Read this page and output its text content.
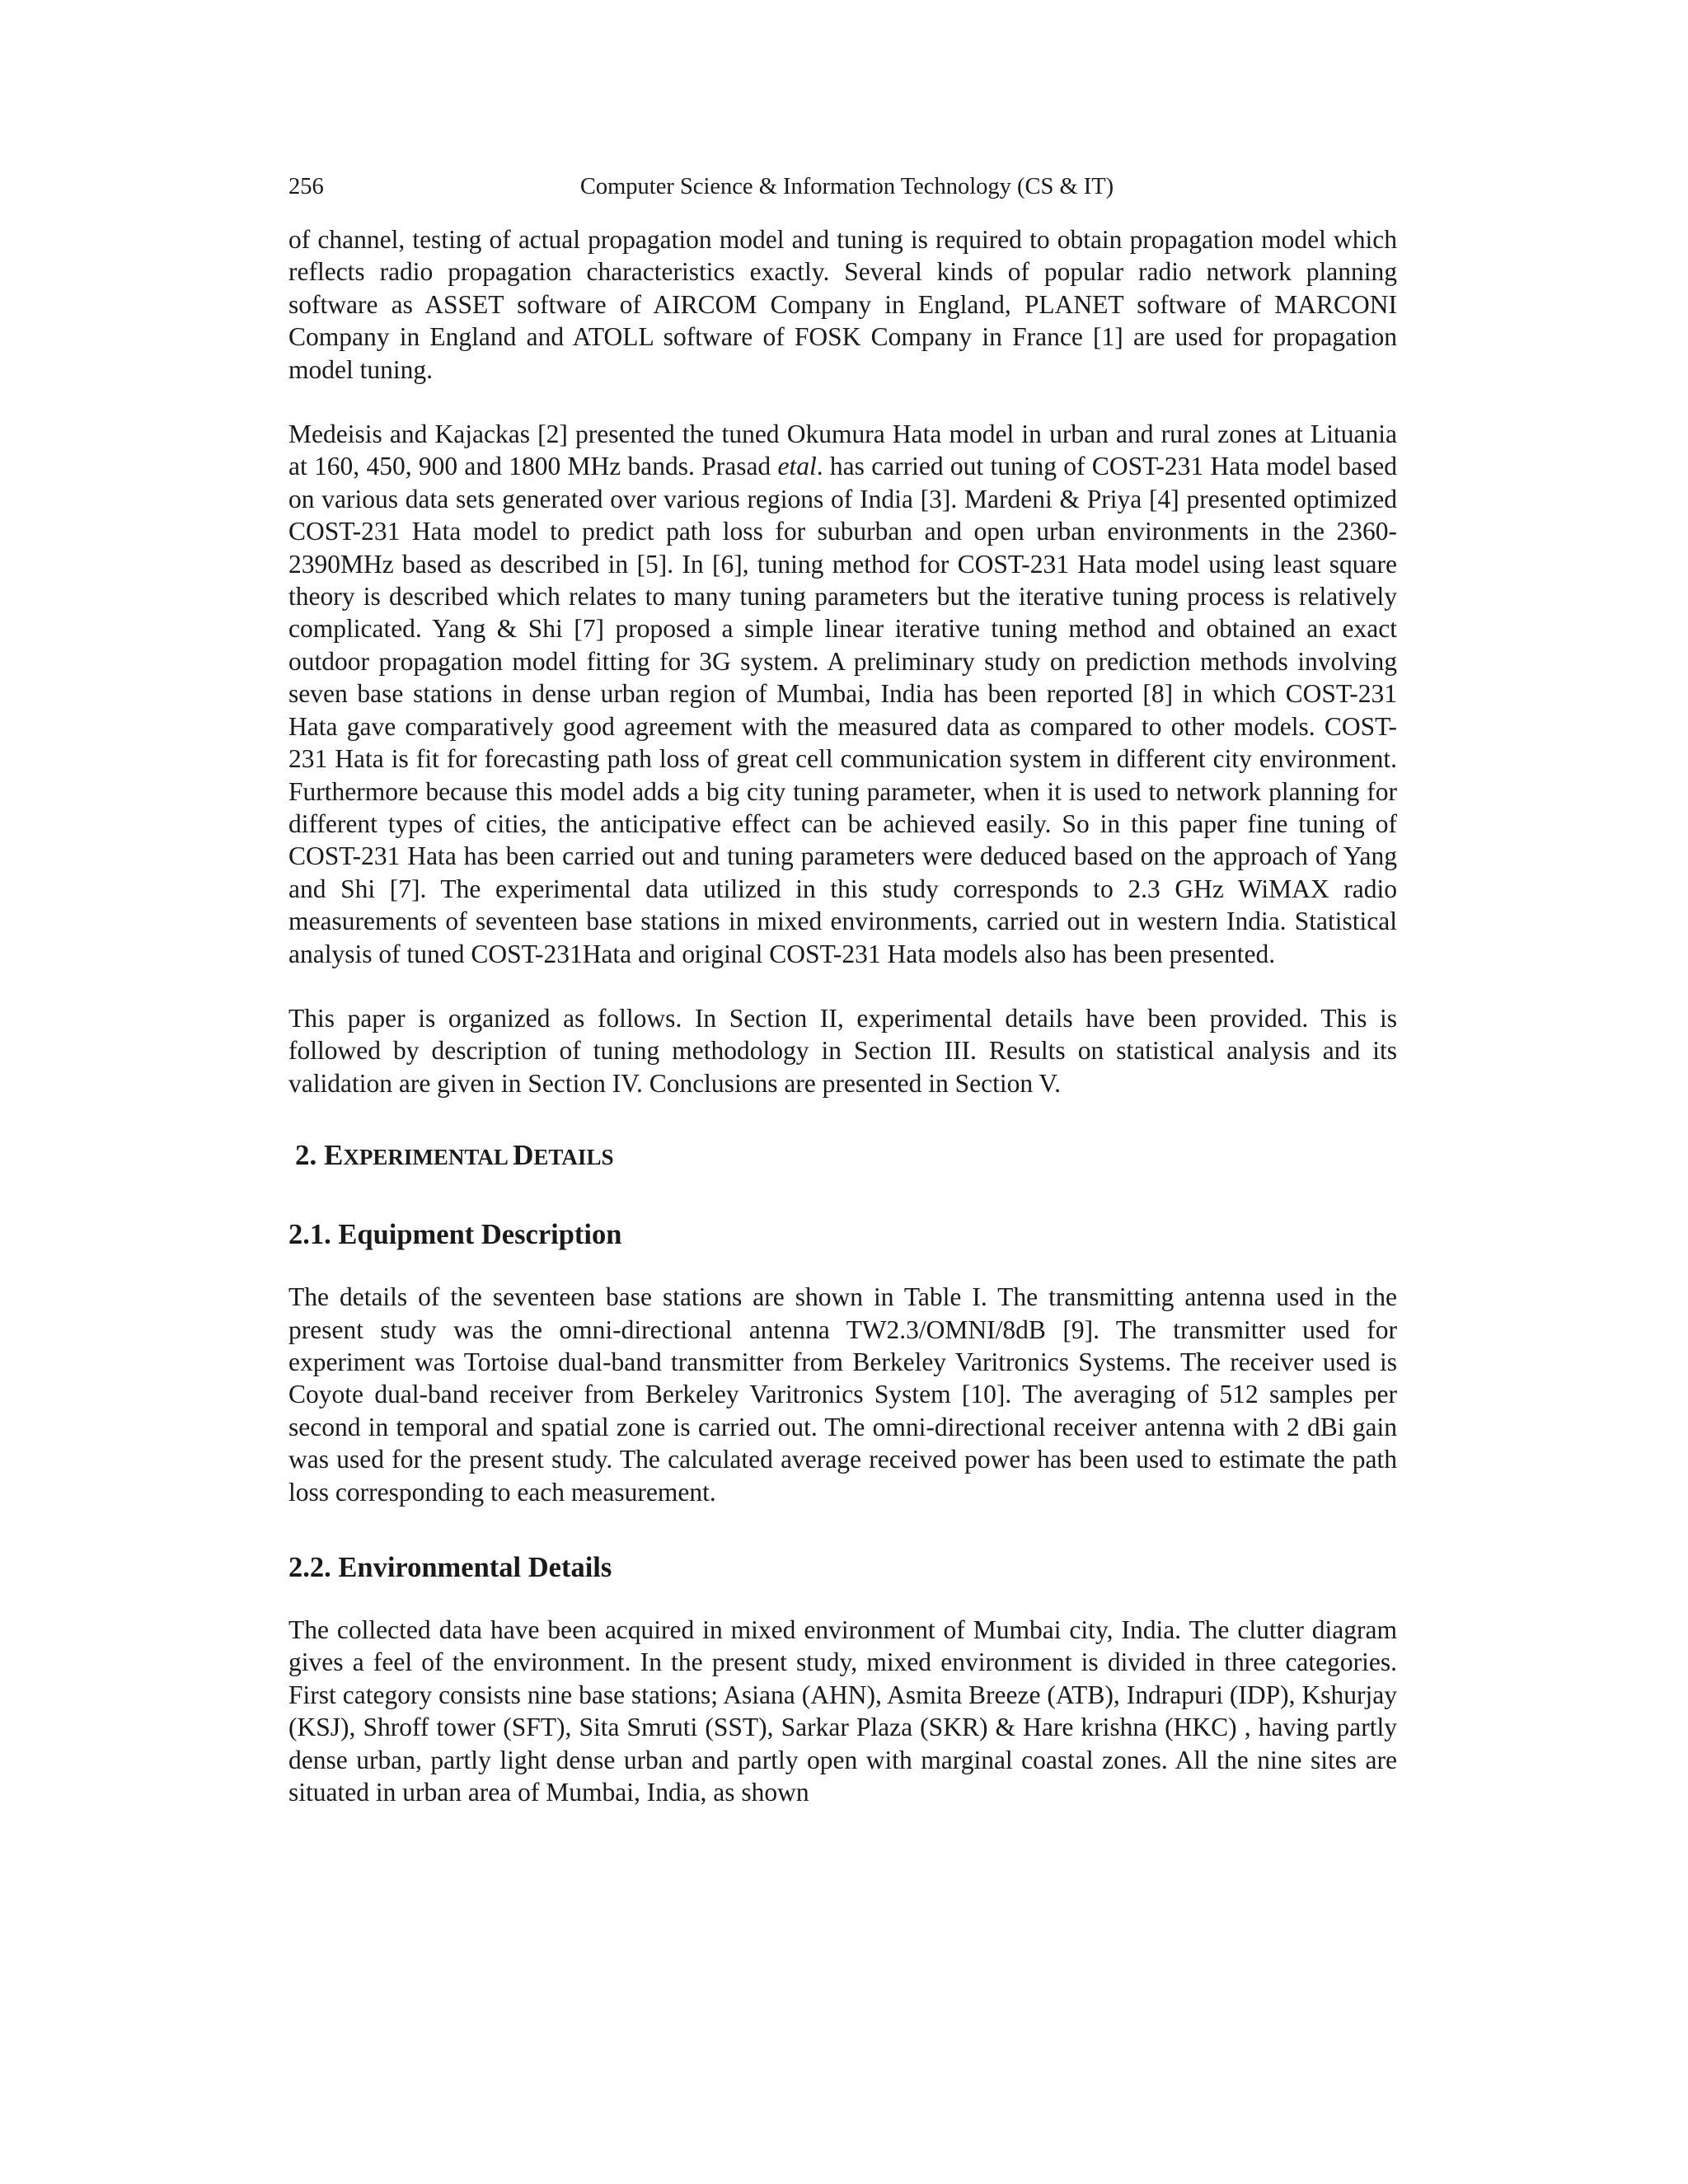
256	Computer Science & Information Technology (CS & IT)

of channel, testing of actual propagation model and tuning is required to obtain propagation model which reflects radio propagation characteristics exactly. Several kinds of popular radio network planning software as ASSET software of AIRCOM Company in England, PLANET software of MARCONI Company in England and ATOLL software of FOSK Company in France [1] are used for propagation model tuning.

Medeisis and Kajackas [2] presented the tuned Okumura Hata model in urban and rural zones at Lituania at 160, 450, 900 and 1800 MHz bands. Prasad etal. has carried out tuning of COST-231 Hata model based on various data sets generated over various regions of India [3]. Mardeni & Priya [4] presented optimized COST-231 Hata model to predict path loss for suburban and open urban environments in the 2360-2390MHz based as described in [5]. In [6], tuning method for COST-231 Hata model using least square theory is described which relates to many tuning parameters but the iterative tuning process is relatively complicated. Yang & Shi [7] proposed a simple linear iterative tuning method and obtained an exact outdoor propagation model fitting for 3G system. A preliminary study on prediction methods involving seven base stations in dense urban region of Mumbai, India has been reported [8] in which COST-231 Hata gave comparatively good agreement with the measured data as compared to other models. COST-231 Hata is fit for forecasting path loss of great cell communication system in different city environment. Furthermore because this model adds a big city tuning parameter, when it is used to network planning for different types of cities, the anticipative effect can be achieved easily. So in this paper fine tuning of COST-231 Hata has been carried out and tuning parameters were deduced based on the approach of Yang and Shi [7]. The experimental data utilized in this study corresponds to 2.3 GHz WiMAX radio measurements of seventeen base stations in mixed environments, carried out in western India. Statistical analysis of tuned COST-231Hata and original COST-231 Hata models also has been presented.

This paper is organized as follows. In Section II, experimental details have been provided. This is followed by description of tuning methodology in Section III. Results on statistical analysis and its validation are given in Section IV. Conclusions are presented in Section V.

2. EXPERIMENTAL DETAILS
2.1. Equipment Description

The details of the seventeen base stations are shown in Table I. The transmitting antenna used in the present study was the omni-directional antenna TW2.3/OMNI/8dB [9]. The transmitter used for experiment was Tortoise dual-band transmitter from Berkeley Varitronics Systems. The receiver used is Coyote dual-band receiver from Berkeley Varitronics System [10]. The averaging of 512 samples per second in temporal and spatial zone is carried out. The omni-directional receiver antenna with 2 dBi gain was used for the present study. The calculated average received power has been used to estimate the path loss corresponding to each measurement.

2.2. Environmental Details

The collected data have been acquired in mixed environment of Mumbai city, India. The clutter diagram gives a feel of the environment. In the present study, mixed environment is divided in three categories. First category consists nine base stations; Asiana (AHN), Asmita Breeze (ATB), Indrapuri (IDP), Kshurjay (KSJ), Shroff tower (SFT), Sita Smruti (SST), Sarkar Plaza (SKR) & Hare krishna (HKC) , having partly dense urban, partly light dense urban and partly open with marginal coastal zones. All the nine sites are situated in urban area of Mumbai, India, as shown
